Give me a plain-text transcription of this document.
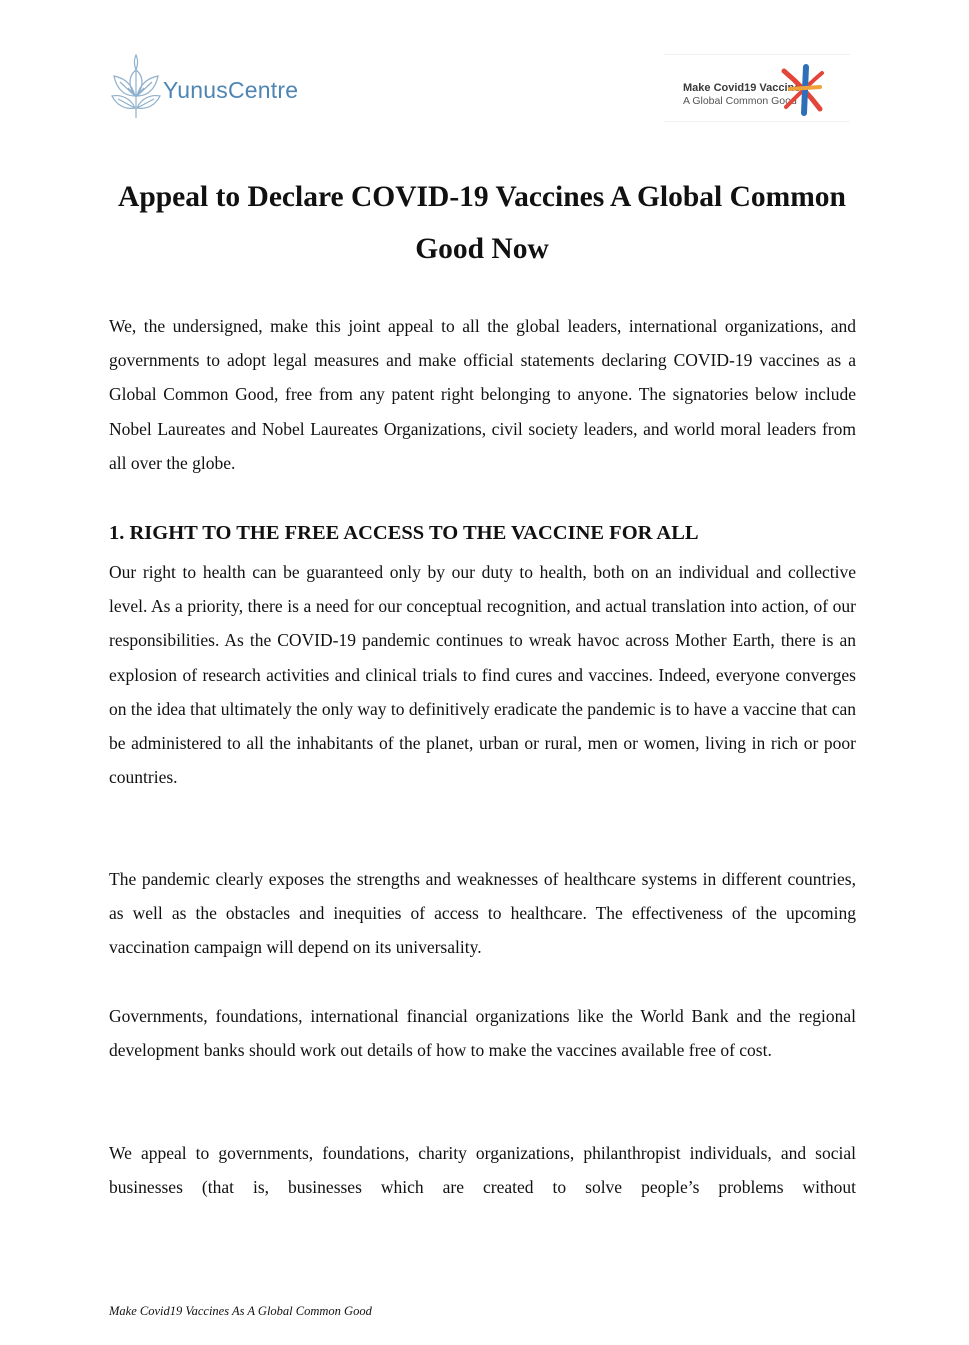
YunusCentre	Make Covid19 Vaccine
A Global Common Good
Appeal to Declare COVID-19 Vaccines A Global Common Good Now

We, the undersigned, make this joint appeal to all the global leaders, international organizations, and governments to adopt legal measures and make official statements declaring COVID-19 vaccines as a Global Common Good, free from any patent right belonging to anyone. The signatories below include Nobel Laureates and Nobel Laureates Organizations, civil society leaders, and world moral leaders from all over the globe.

1. RIGHT TO THE FREE ACCESS TO THE VACCINE FOR ALL

Our right to health can be guaranteed only by our duty to health, both on an individual and collective level. As a priority, there is a need for our conceptual recognition, and actual translation into action, of our responsibilities. As the COVID-19 pandemic continues to wreak havoc across Mother Earth, there is an explosion of research activities and clinical trials to find cures and vaccines. Indeed, everyone converges on the idea that ultimately the only way to definitively eradicate the pandemic is to have a vaccine that can be administered to all the inhabitants of the planet, urban or rural, men or women, living in rich or poor countries.

The pandemic clearly exposes the strengths and weaknesses of healthcare systems in different countries, as well as the obstacles and inequities of access to healthcare. The effectiveness of the upcoming vaccination campaign will depend on its universality.

Governments, foundations, international financial organizations like the World Bank and the regional development banks should work out details of how to make the vaccines available free of cost.

We appeal to governments, foundations, charity organizations, philanthropist individuals, and social businesses (that is, businesses which are created to solve people’s problems without

Make Covid19 Vaccines As A Global Common Good
